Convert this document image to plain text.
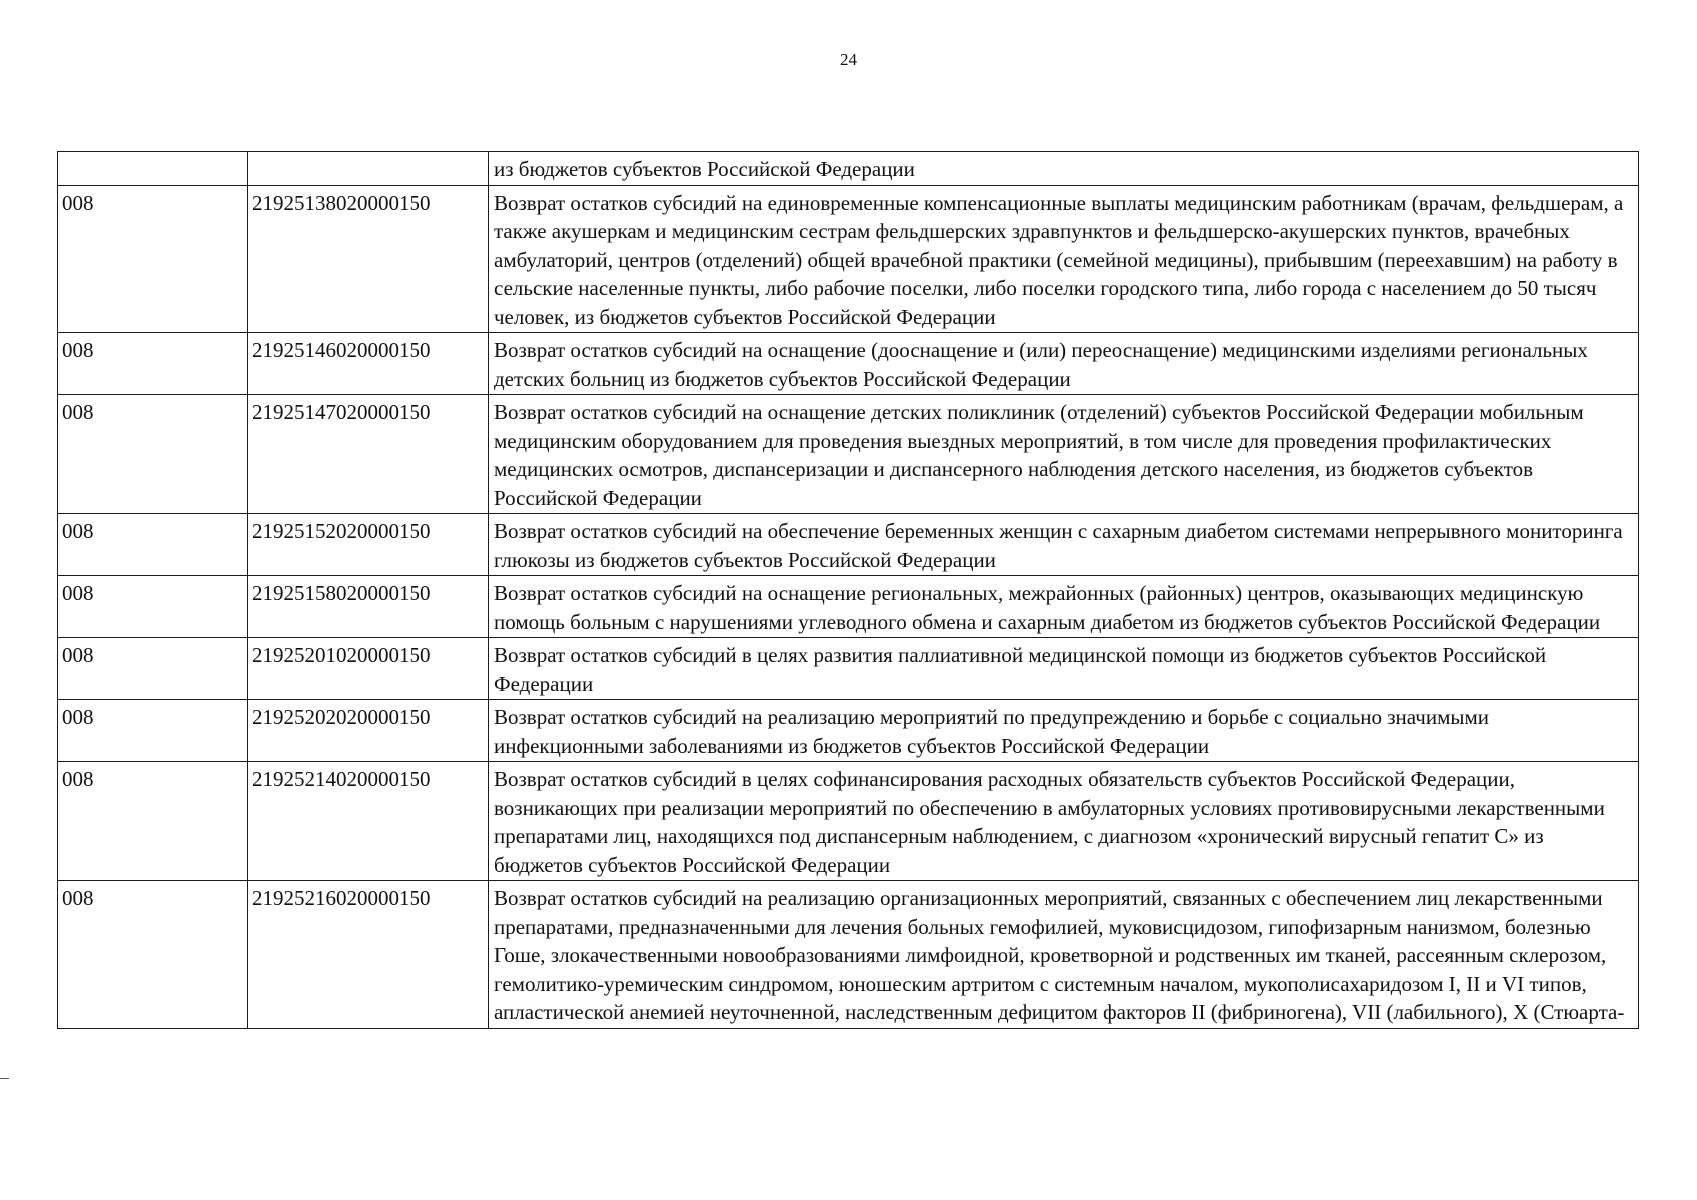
24
		из бюджетов субъектов Российской Федерации
008	21925138020000150	Возврат остатков субсидий на единовременные компенсационные выплаты медицинским работникам (врачам, фельдшерам, а также акушеркам и медицинским сестрам фельдшерских здравпунктов и фельдшерско-акушерских пунктов, врачебных амбулаторий, центров (отделений) общей врачебной практики (семейной медицины), прибывшим (переехавшим) на работу в сельские населенные пункты, либо рабочие поселки, либо поселки городского типа, либо города с населением до 50 тысяч человек, из бюджетов субъектов Российской Федерации
008	21925146020000150	Возврат остатков субсидий на оснащение (дооснащение и (или) переоснащение) медицинскими изделиями региональных детских больниц из бюджетов субъектов Российской Федерации
008	21925147020000150	Возврат остатков субсидий на оснащение детских поликлиник (отделений) субъектов Российской Федерации мобильным медицинским оборудованием для проведения выездных мероприятий, в том числе для проведения профилактических медицинских осмотров, диспансеризации и диспансерного наблюдения детского населения, из бюджетов субъектов Российской Федерации
008	21925152020000150	Возврат остатков субсидий на обеспечение беременных женщин с сахарным диабетом системами непрерывного мониторинга глюкозы из бюджетов субъектов Российской Федерации
008	21925158020000150	Возврат остатков субсидий на оснащение региональных, межрайонных (районных) центров, оказывающих медицинскую помощь больным с нарушениями углеводного обмена и сахарным диабетом из бюджетов субъектов Российской Федерации
008	21925201020000150	Возврат остатков субсидий в целях развития паллиативной медицинской помощи из бюджетов субъектов Российской Федерации
008	21925202020000150	Возврат остатков субсидий на реализацию мероприятий по предупреждению и борьбе с социально значимыми инфекционными заболеваниями из бюджетов субъектов Российской Федерации
008	21925214020000150	Возврат остатков субсидий в целях софинансирования расходных обязательств субъектов Российской Федерации, возникающих при реализации мероприятий по обеспечению в амбулаторных условиях противовирусными лекарственными препаратами лиц, находящихся под диспансерным наблюдением, с диагнозом «хронический вирусный гепатит С» из бюджетов субъектов Российской Федерации
008	21925216020000150	Возврат остатков субсидий на реализацию организационных мероприятий, связанных с обеспечением лиц лекарственными препаратами, предназначенными для лечения больных гемофилией, муковисцидозом, гипофизарным нанизмом, болезнью Гоше, злокачественными новообразованиями лимфоидной, кроветворной и родственных им тканей, рассеянным склерозом, гемолитико-уремическим синдромом, юношеским артритом с системным началом, мукополисахаридозом I, II и VI типов, апластической анемией неуточненной, наследственным дефицитом факторов II (фибриногена), VII (лабильного), X (Стюарта-
